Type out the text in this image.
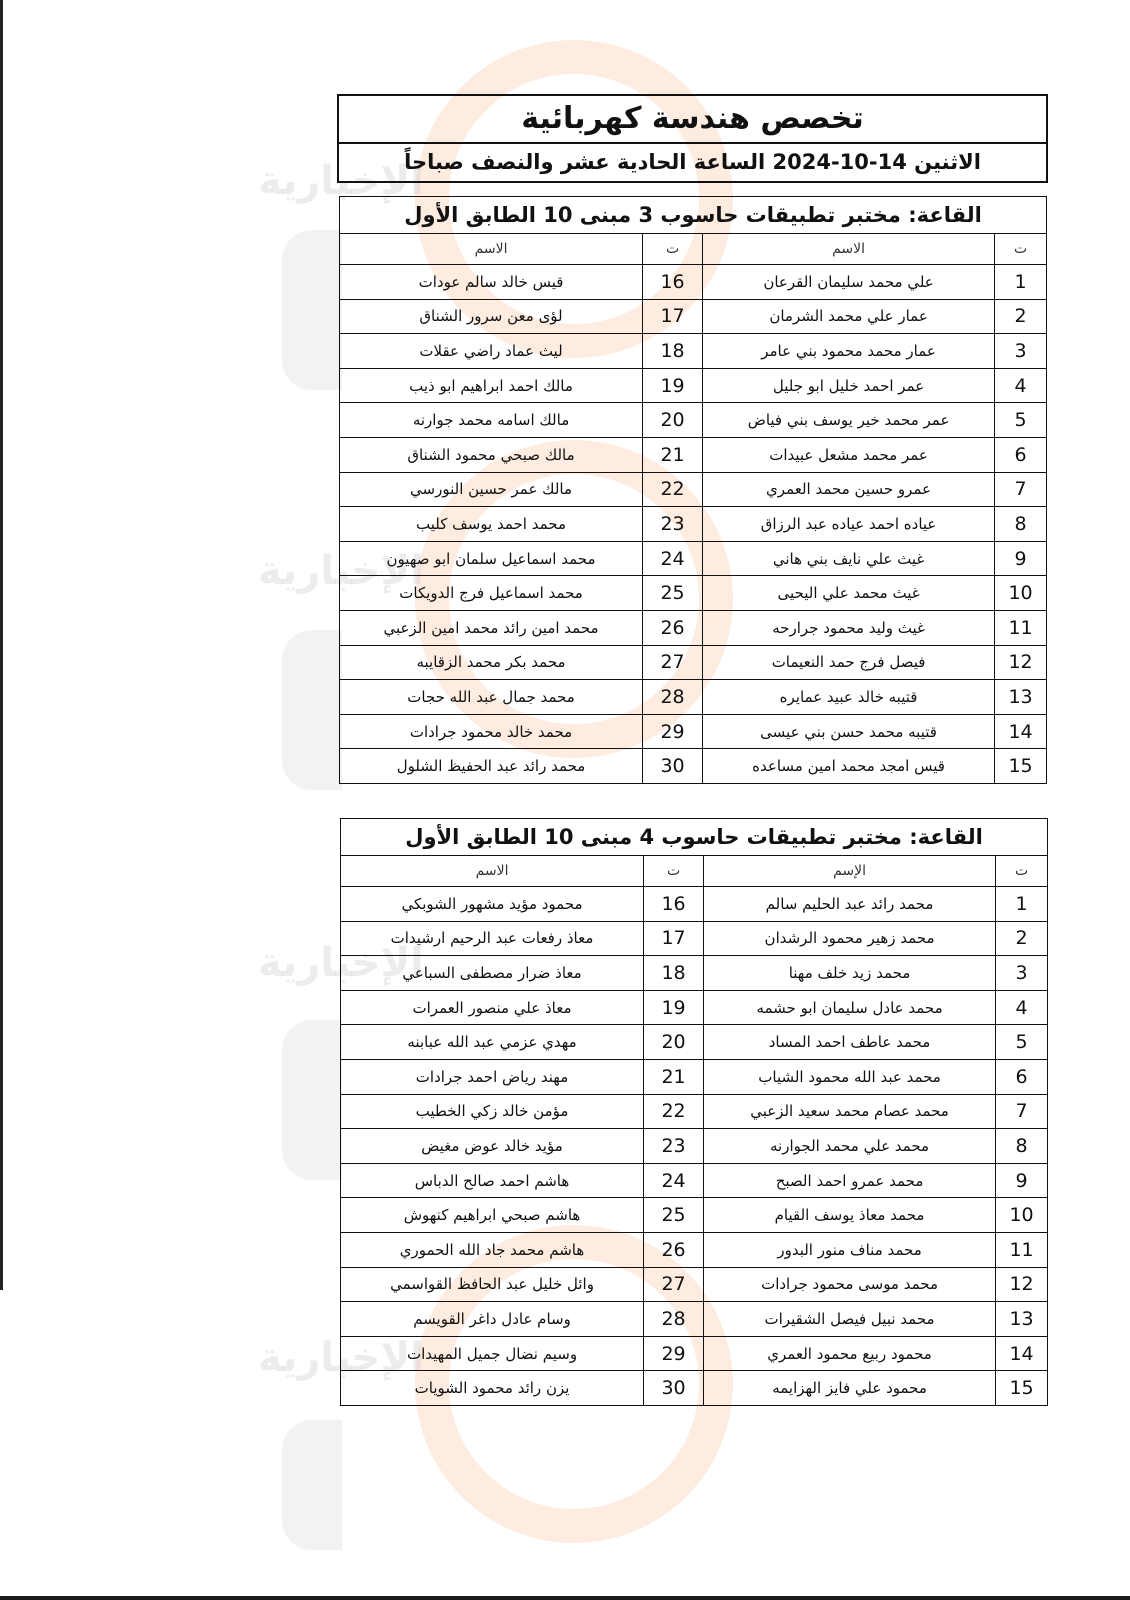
الإخبارية
الإخبارية
الإخبارية
الإخبارية
تخصص هندسة كهربائية
الاثنين 14-10-2024 الساعة الحادية عشر والنصف صباحاً
القاعة: مختبر تطبيقات حاسوب 3 مبنى 10 الطابق الأول			
ت	الاسم	ت	الاسم
1	علي محمد سليمان القرعان	16	قيس خالد سالم عودات
2	عمار علي محمد الشرمان	17	لؤى معن سرور الشناق
3	عمار محمد محمود بني عامر	18	ليث عماد راضي عقلات
4	عمر احمد خليل ابو جليل	19	مالك احمد ابراهيم ابو ذيب
5	عمر محمد خير يوسف بني فياض	20	مالك اسامه محمد جوارنه
6	عمر محمد مشعل عبيدات	21	مالك صبحي محمود الشناق
7	عمرو حسين محمد العمري	22	مالك عمر حسين النورسي
8	عياده احمد عياده عبد الرزاق	23	محمد احمد يوسف كليب
9	غيث علي نايف بني هاني	24	محمد اسماعيل سلمان ابو صهيون
10	غيث محمد علي اليحيى	25	محمد اسماعيل فرج الدويكات
11	غيث وليد محمود جرارحه	26	محمد امين رائد محمد امين الزعبي
12	فيصل فرج حمد النعيمات	27	محمد بكر محمد الزقايبه
13	قتيبه خالد عبيد عمايره	28	محمد جمال عبد الله حجات
14	قتيبه محمد حسن بني عيسى	29	محمد خالد محمود جرادات
15	قيس امجد محمد امين مساعده	30	محمد رائد عبد الحفيظ الشلول
القاعة: مختبر تطبيقات حاسوب 4 مبنى 10 الطابق الأول			
ت	الإسم	ت	الاسم
1	محمد رائد عبد الحليم سالم	16	محمود مؤيد مشهور الشوبكي
2	محمد زهير محمود الرشدان	17	معاذ رفعات عبد الرحيم ارشيدات
3	محمد زيد خلف مهنا	18	معاذ ضرار مصطفى السباعي
4	محمد عادل سليمان ابو حشمه	19	معاذ علي منصور العمرات
5	محمد عاطف احمد المساد	20	مهدي عزمي عبد الله عبابنه
6	محمد عبد الله محمود الشياب	21	مهند رياض احمد جرادات
7	محمد عصام محمد سعيد الزعبي	22	مؤمن خالد زكي الخطيب
8	محمد علي محمد الجوارنه	23	مؤيد خالد عوض مغيض
9	محمد عمرو احمد الصبح	24	هاشم احمد صالح الدباس
10	محمد معاذ يوسف القيام	25	هاشم صبحي ابراهيم كنهوش
11	محمد مناف منور البدور	26	هاشم محمد جاد الله الحموري
12	محمد موسى محمود جرادات	27	وائل خليل عبد الحافظ القواسمي
13	محمد نبيل فيصل الشقيرات	28	وسام عادل داغر القويسم
14	محمود ربيع محمود العمري	29	وسيم نضال جميل المهيدات
15	محمود علي فايز الهزايمه	30	يزن رائد محمود الشويات
